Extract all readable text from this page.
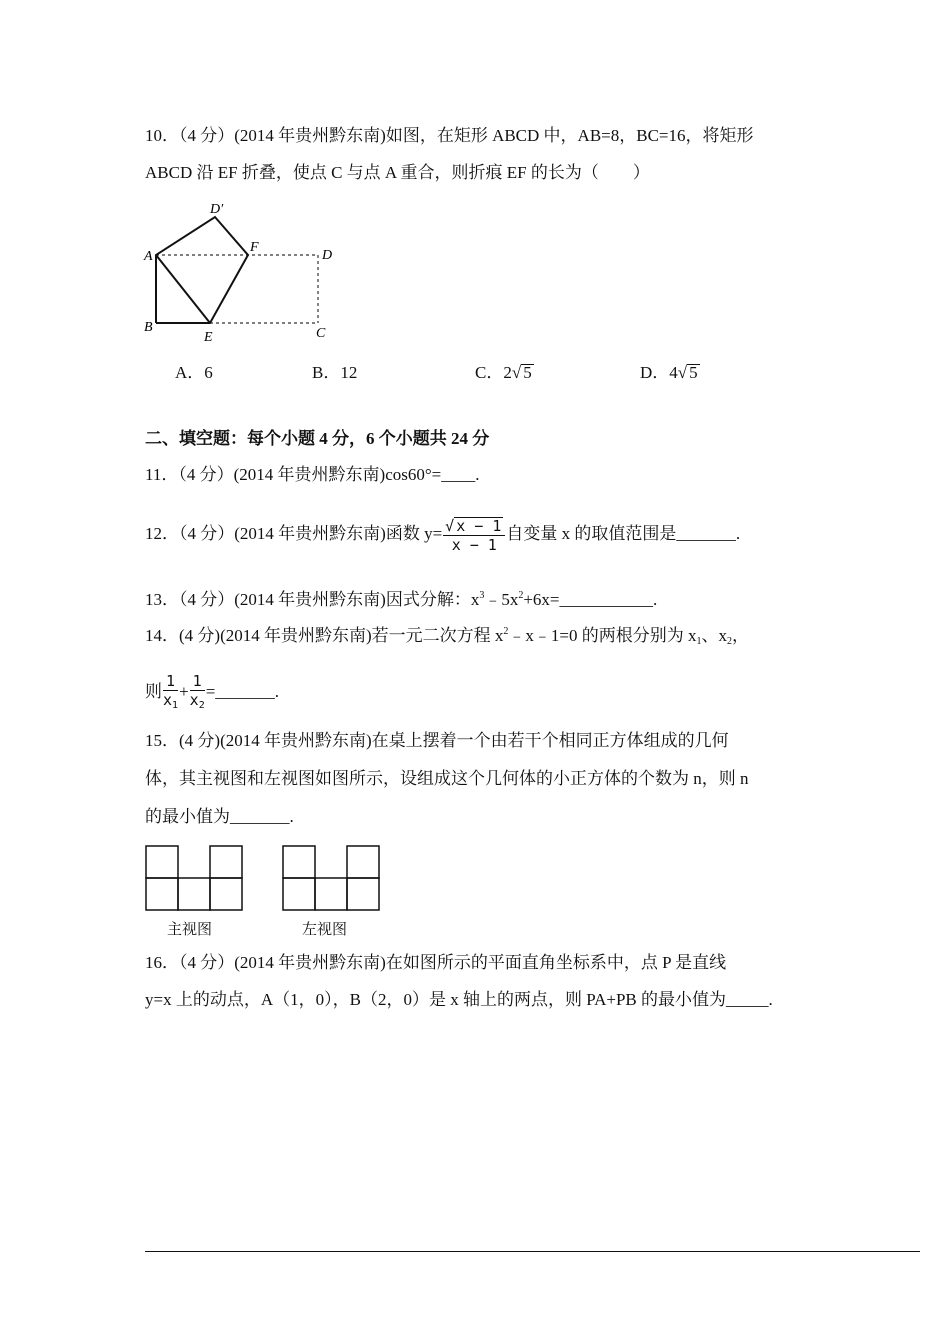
10．（4 分）(2014 年贵州黔东南)如图，在矩形 ABCD 中，AB=8，BC=16，将矩形
ABCD 沿 EF 折叠，使点 C 与点 A 重合，则折痕 EF 的长为（　　）
A
B
D′
F
D
E	C
A．6	B．12	C．2√ 5	D．4√ 5
二、填空题：每个小题 4 分，6 个小题共 24 分
11．（4 分）(2014 年贵州黔东南)cos60°=____.
12．（4 分）(2014 年贵州黔东南)函数 $y= \frac{√ x - 1}{x - 1}$ 自变量 x 的取值范围是_______.
13．（4 分）(2014 年贵州黔东南)因式分解：$x^3﹣5x^2+6x=\_\_\_\_\_\_\_\_\_\_\_$.
14．(4 分)(2014 年贵州黔东南)若一元二次方程 $x^2﹣x﹣1=0$ 的两根分别为 $x_1$、$x_2$，
则 $\frac{1}{x_1} + \frac{1}{x_2}$ =_______.
15．(4 分)(2014 年贵州黔东南)在桌上摆着一个由若干个相同正方体组成的几何
体，其主视图和左视图如图所示，设组成这个几何体的小正方体的个数为 n，则 n
的最小值为_______.
主视图	左视图
16．（4 分）(2014 年贵州黔东南)在如图所示的平面直角坐标系中，点 P 是直线
y=x 上的动点，A（1，0），B（2，0）是 x 轴上的两点，则 PA+PB 的最小值为_____.
